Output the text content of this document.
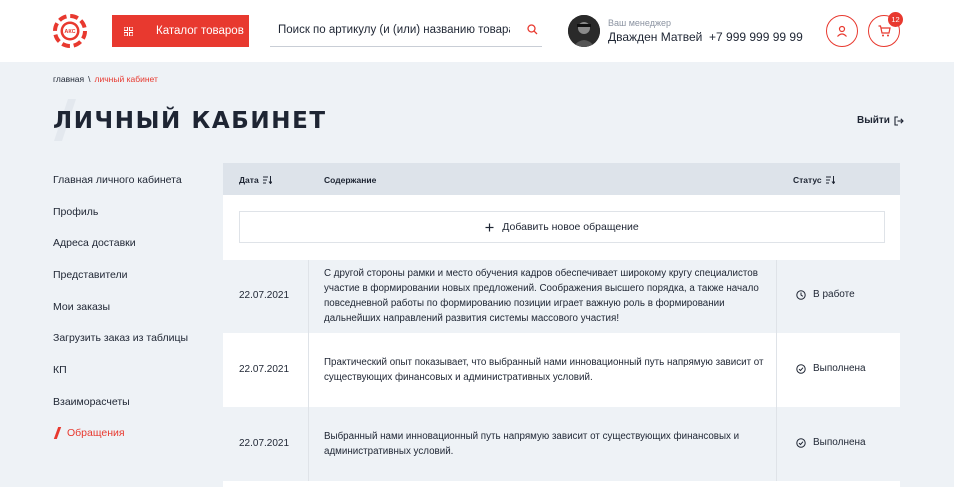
АКС	Каталог товаров
Поиск по артикулу (и (или) названию товара
Ваш менеджер
Дважден Матвей +7 999 999 99 99
12
главная \ личный кабинет
ЛИЧНЫЙ КАБИНЕТ	Выйти
Главная личного кабинета
Профиль
Адреса доставки
Представители
Мои заказы
Загрузить заказ из таблицы
КП
Взаиморасчеты
Обращения
Дата	Содержание	Статус
Добавить новое обращение
22.07.2021
С другой стороны рамки и место обучения кадров обеспечивает широкому кругу специалистов участие в формировании новых предложений. Соображения высшего порядка, а также начало повседневной работы по формированию позиции играет важную роль в формировании дальнейших направлений развития системы массового участия!
В работе
22.07.2021
Практический опыт показывает, что выбранный нами инновационный путь напрямую зависит от существующих финансовых и административных условий.
Выполнена
22.07.2021
Выбранный нами инновационный путь напрямую зависит от существующих финансовых и административных условий.
Выполнена
